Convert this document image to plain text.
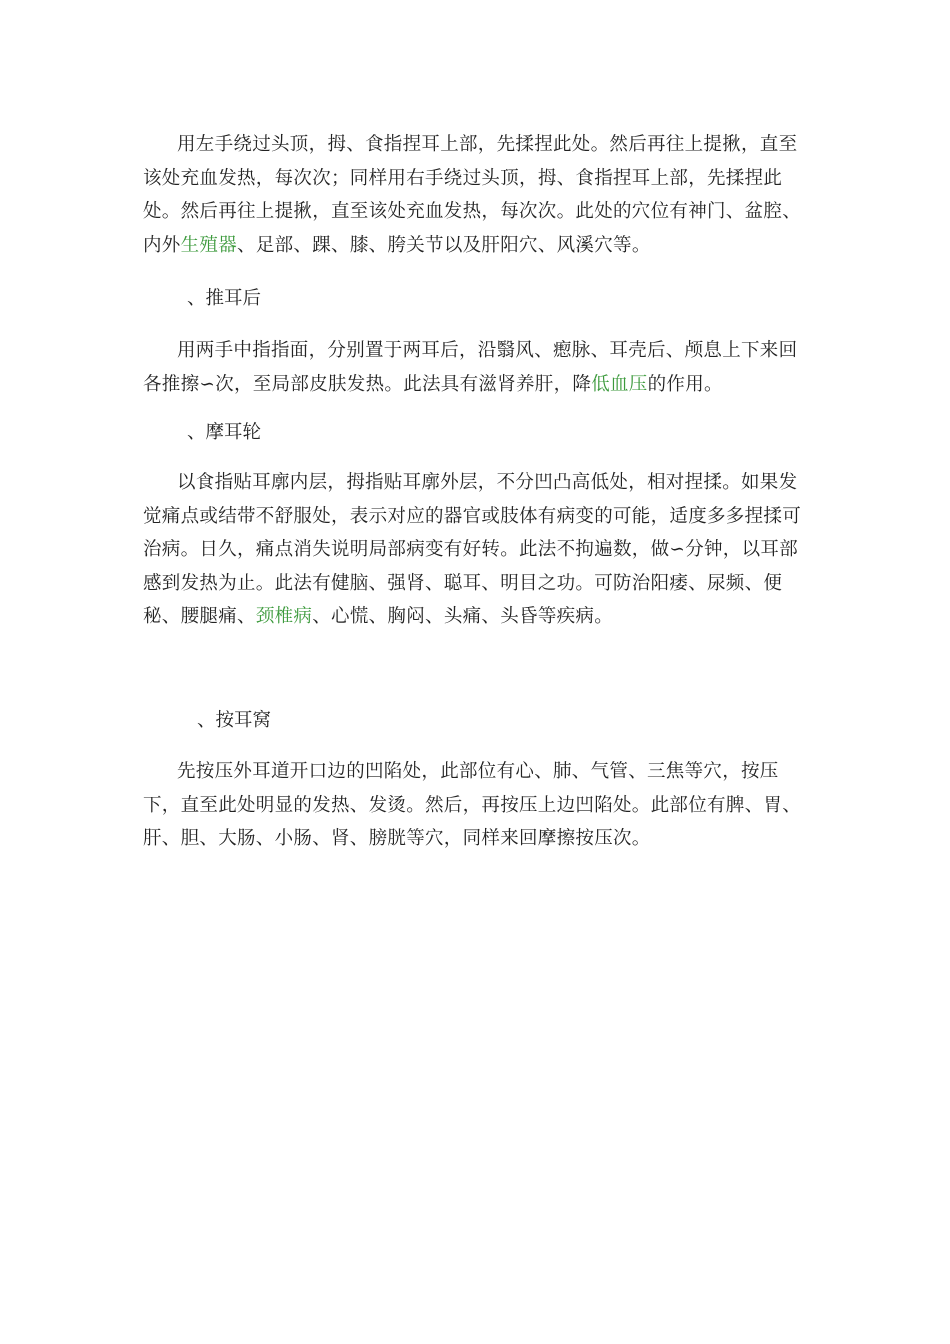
用左手绕过头顶，拇、食指捏耳上部，先揉捏此处。然后再往上提揪，直至该处充血发热，每次次；同样用右手绕过头顶，拇、食指捏耳上部，先揉捏此处。然后再往上提揪，直至该处充血发热，每次次。此处的穴位有神门、盆腔、内外生殖器、足部、踝、膝、胯关节以及肝阳穴、风溪穴等。

、推耳后

用两手中指指面，分别置于两耳后，沿翳风、瘛脉、耳壳后、颅息上下来回各推擦∽次，至局部皮肤发热。此法具有滋肾养肝，降低血压的作用。

、摩耳轮

以食指贴耳廓内层，拇指贴耳廓外层，不分凹凸高低处，相对捏揉。如果发觉痛点或结带不舒服处，表示对应的器官或肢体有病变的可能，适度多多捏揉可治病。日久，痛点消失说明局部病变有好转。此法不拘遍数，做∽分钟，以耳部感到发热为止。此法有健脑、强肾、聪耳、明目之功。可防治阳痿、尿频、便秘、腰腿痛、颈椎病、心慌、胸闷、头痛、头昏等疾病。

、按耳窝

先按压外耳道开口边的凹陷处，此部位有心、肺、气管、三焦等穴，按压下，直至此处明显的发热、发烫。然后，再按压上边凹陷处。此部位有脾、胃、肝、胆、大肠、小肠、肾、膀胱等穴，同样来回摩擦按压次。
